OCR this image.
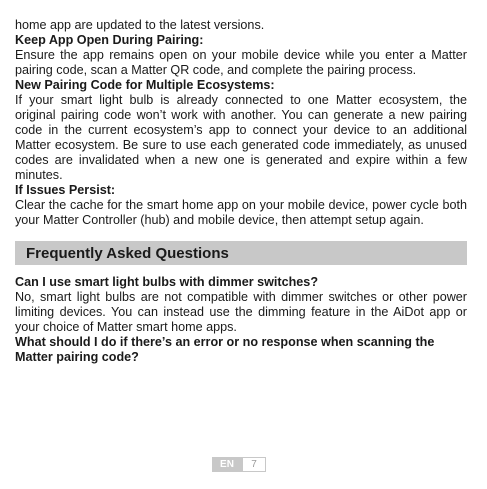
home app are updated to the latest versions.

Keep App Open During Pairing:

Ensure the app remains open on your mobile device while you enter a Matter pairing code, scan a Matter QR code, and complete the pairing process.

New Pairing Code for Multiple Ecosystems:

If your smart light bulb is already connected to one Matter ecosystem, the original pairing code won’t work with another. You can generate a new pairing code in the current ecosystem’s app to connect your device to an additional Matter ecosystem. Be sure to use each generated code immediately, as unused codes are invalidated when a new one is generated and expire within a few minutes.

If Issues Persist:

Clear the cache for the smart home app on your mobile device, power cycle both your Matter Controller (hub) and mobile device, then attempt setup again.

Frequently Asked Questions

Can I use smart light bulbs with dimmer switches?

No, smart light bulbs are not compatible with dimmer switches or other power limiting devices. You can instead use the dimming feature in the AiDot app or your choice of Matter smart home apps.

What should I do if there’s an error or no response when scanning the Matter pairing code?

EN	7
